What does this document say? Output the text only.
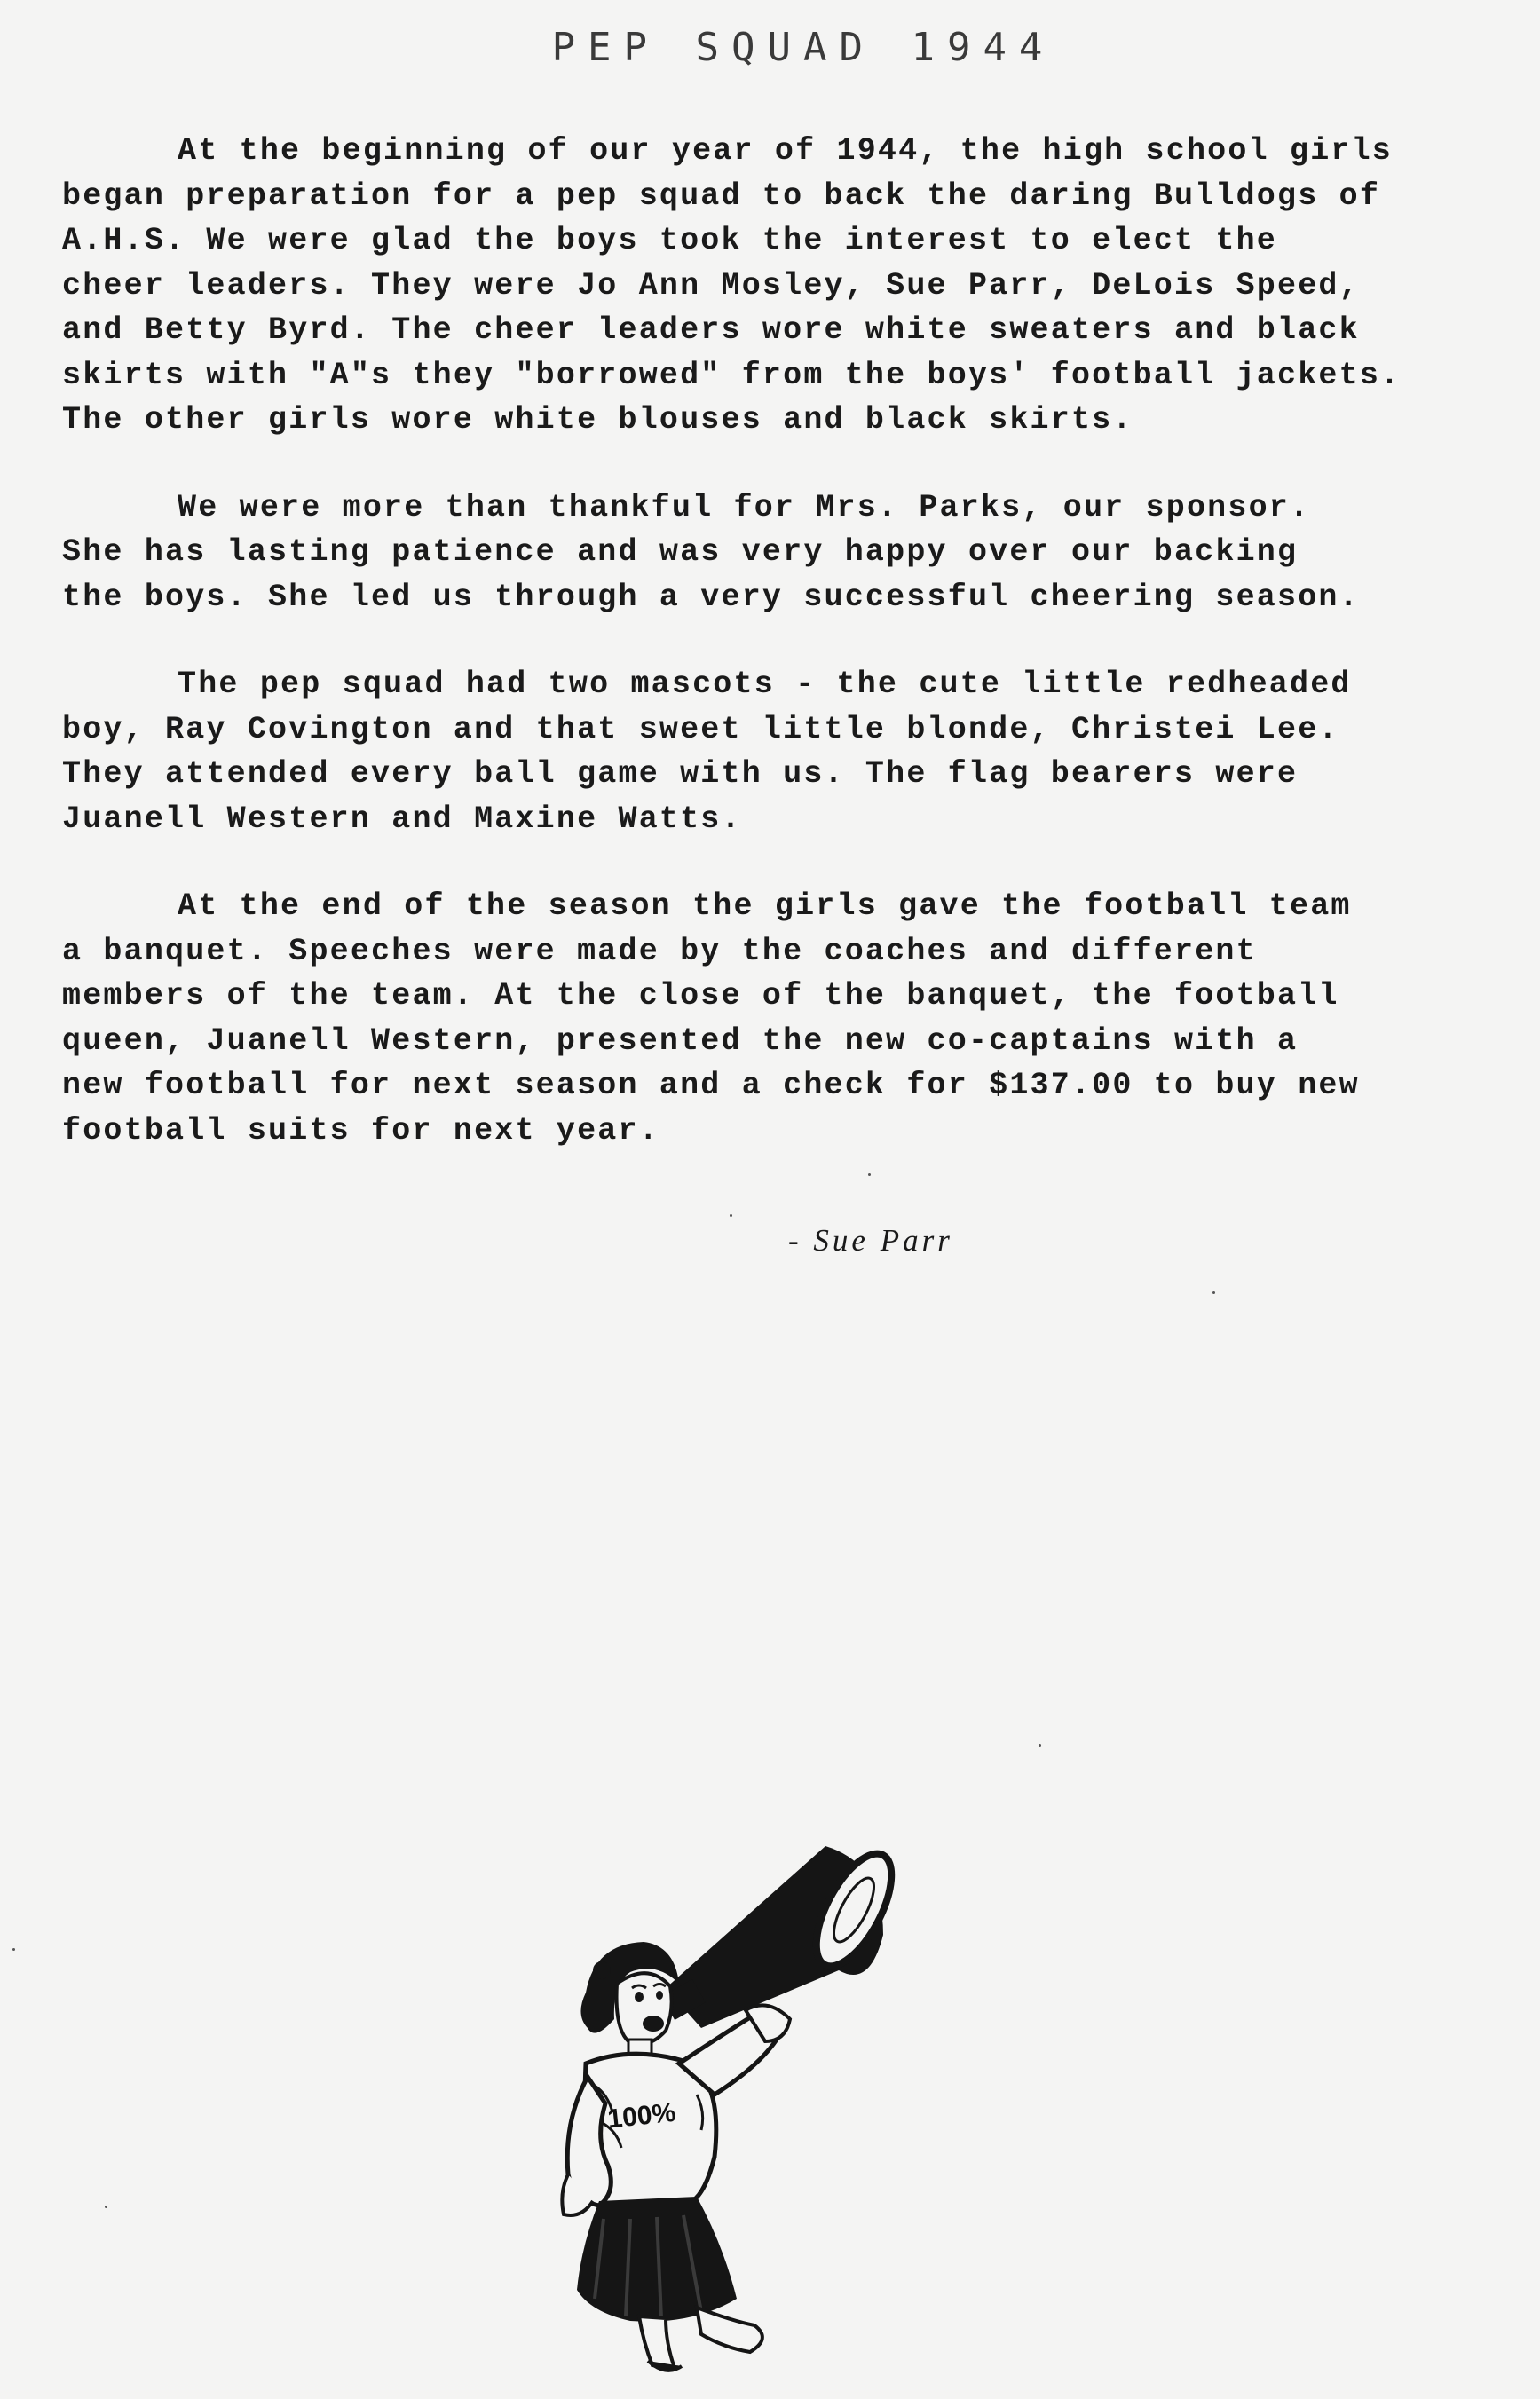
PEP SQUAD 1944

At the beginning of our year of 1944, the high school girls
began preparation for a pep squad to back the daring Bulldogs of
A.H.S. We were glad the boys took the interest to elect the
cheer leaders. They were Jo Ann Mosley, Sue Parr, DeLois Speed,
and Betty Byrd. The cheer leaders wore white sweaters and black
skirts with "A"s they "borrowed" from the boys' football jackets.
The other girls wore white blouses and black skirts.

We were more than thankful for Mrs. Parks, our sponsor.
She has lasting patience and was very happy over our backing
the boys. She led us through a very successful cheering season.

The pep squad had two mascots - the cute little redheaded
boy, Ray Covington and that sweet little blonde, Christei Lee.
They attended every ball game with us. The flag bearers were
Juanell Western and Maxine Watts.

At the end of the season the girls gave the football team
a banquet. Speeches were made by the coaches and different
members of the team. At the close of the banquet, the football
queen, Juanell Western, presented the new co-captains with a
new football for next season and a check for $137.00 to buy new
football suits for next year.

- Sue Parr
100%
